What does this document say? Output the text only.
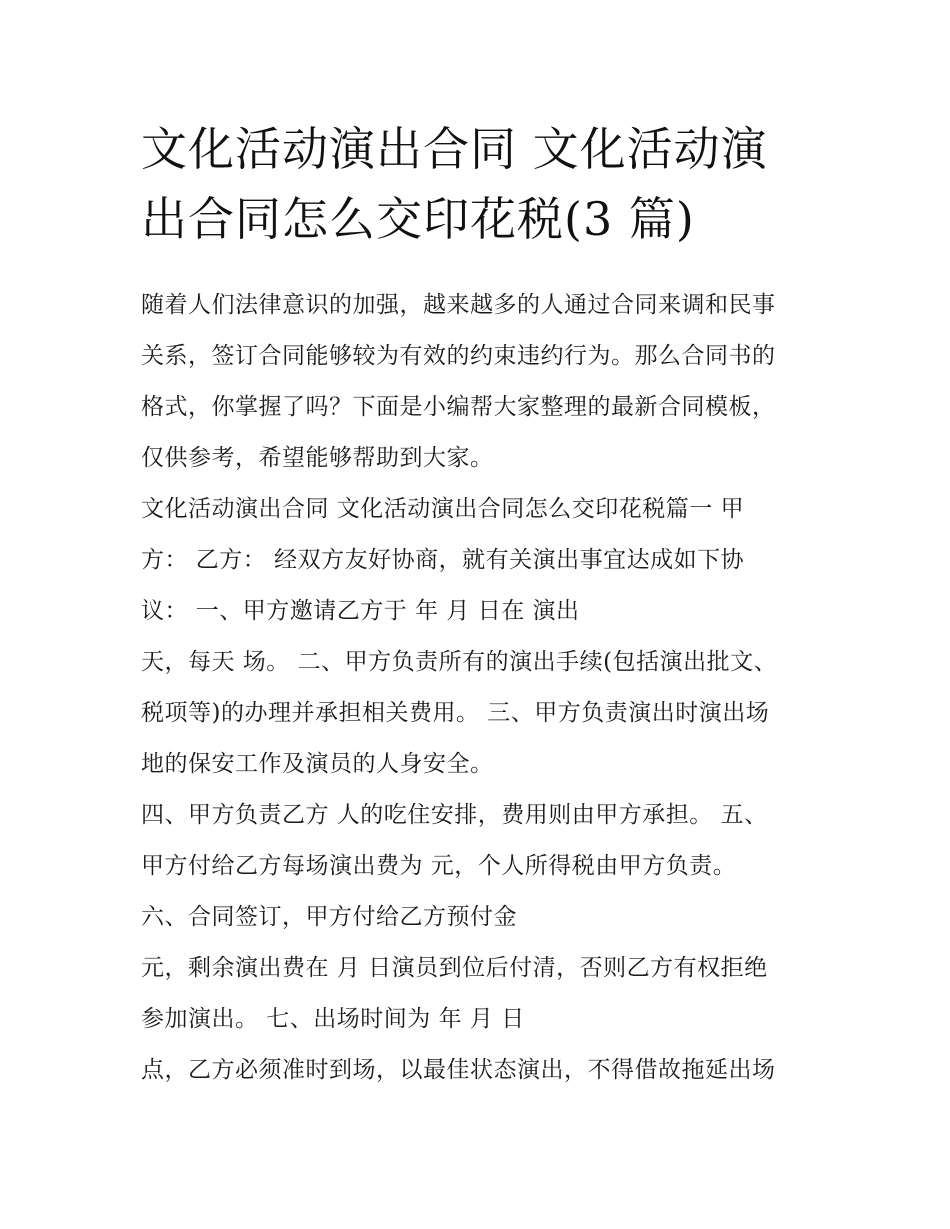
文化活动演出合同 文化活动演
出合同怎么交印花税(3 篇)
随着人们法律意识的加强，越来越多的人通过合同来调和民事
关系，签订合同能够较为有效的约束违约行为。那么合同书的
格式，你掌握了吗？下面是小编帮大家整理的最新合同模板，
仅供参考，希望能够帮助到大家。
文化活动演出合同 文化活动演出合同怎么交印花税篇一 甲
方： 乙方： 经双方友好协商，就有关演出事宜达成如下协
议： 一、甲方邀请乙方于 年 月 日在 演出
天，每天 场。 二、甲方负责所有的演出手续(包括演出批文、
税项等)的办理并承担相关费用。 三、甲方负责演出时演出场
地的保安工作及演员的人身安全。
四、甲方负责乙方 人的吃住安排，费用则由甲方承担。 五、
甲方付给乙方每场演出费为 元，个人所得税由甲方负责。
六、合同签订，甲方付给乙方预付金
元，剩余演出费在 月 日演员到位后付清，否则乙方有权拒绝
参加演出。 七、出场时间为 年 月 日
点，乙方必须准时到场，以最佳状态演出，不得借故拖延出场
